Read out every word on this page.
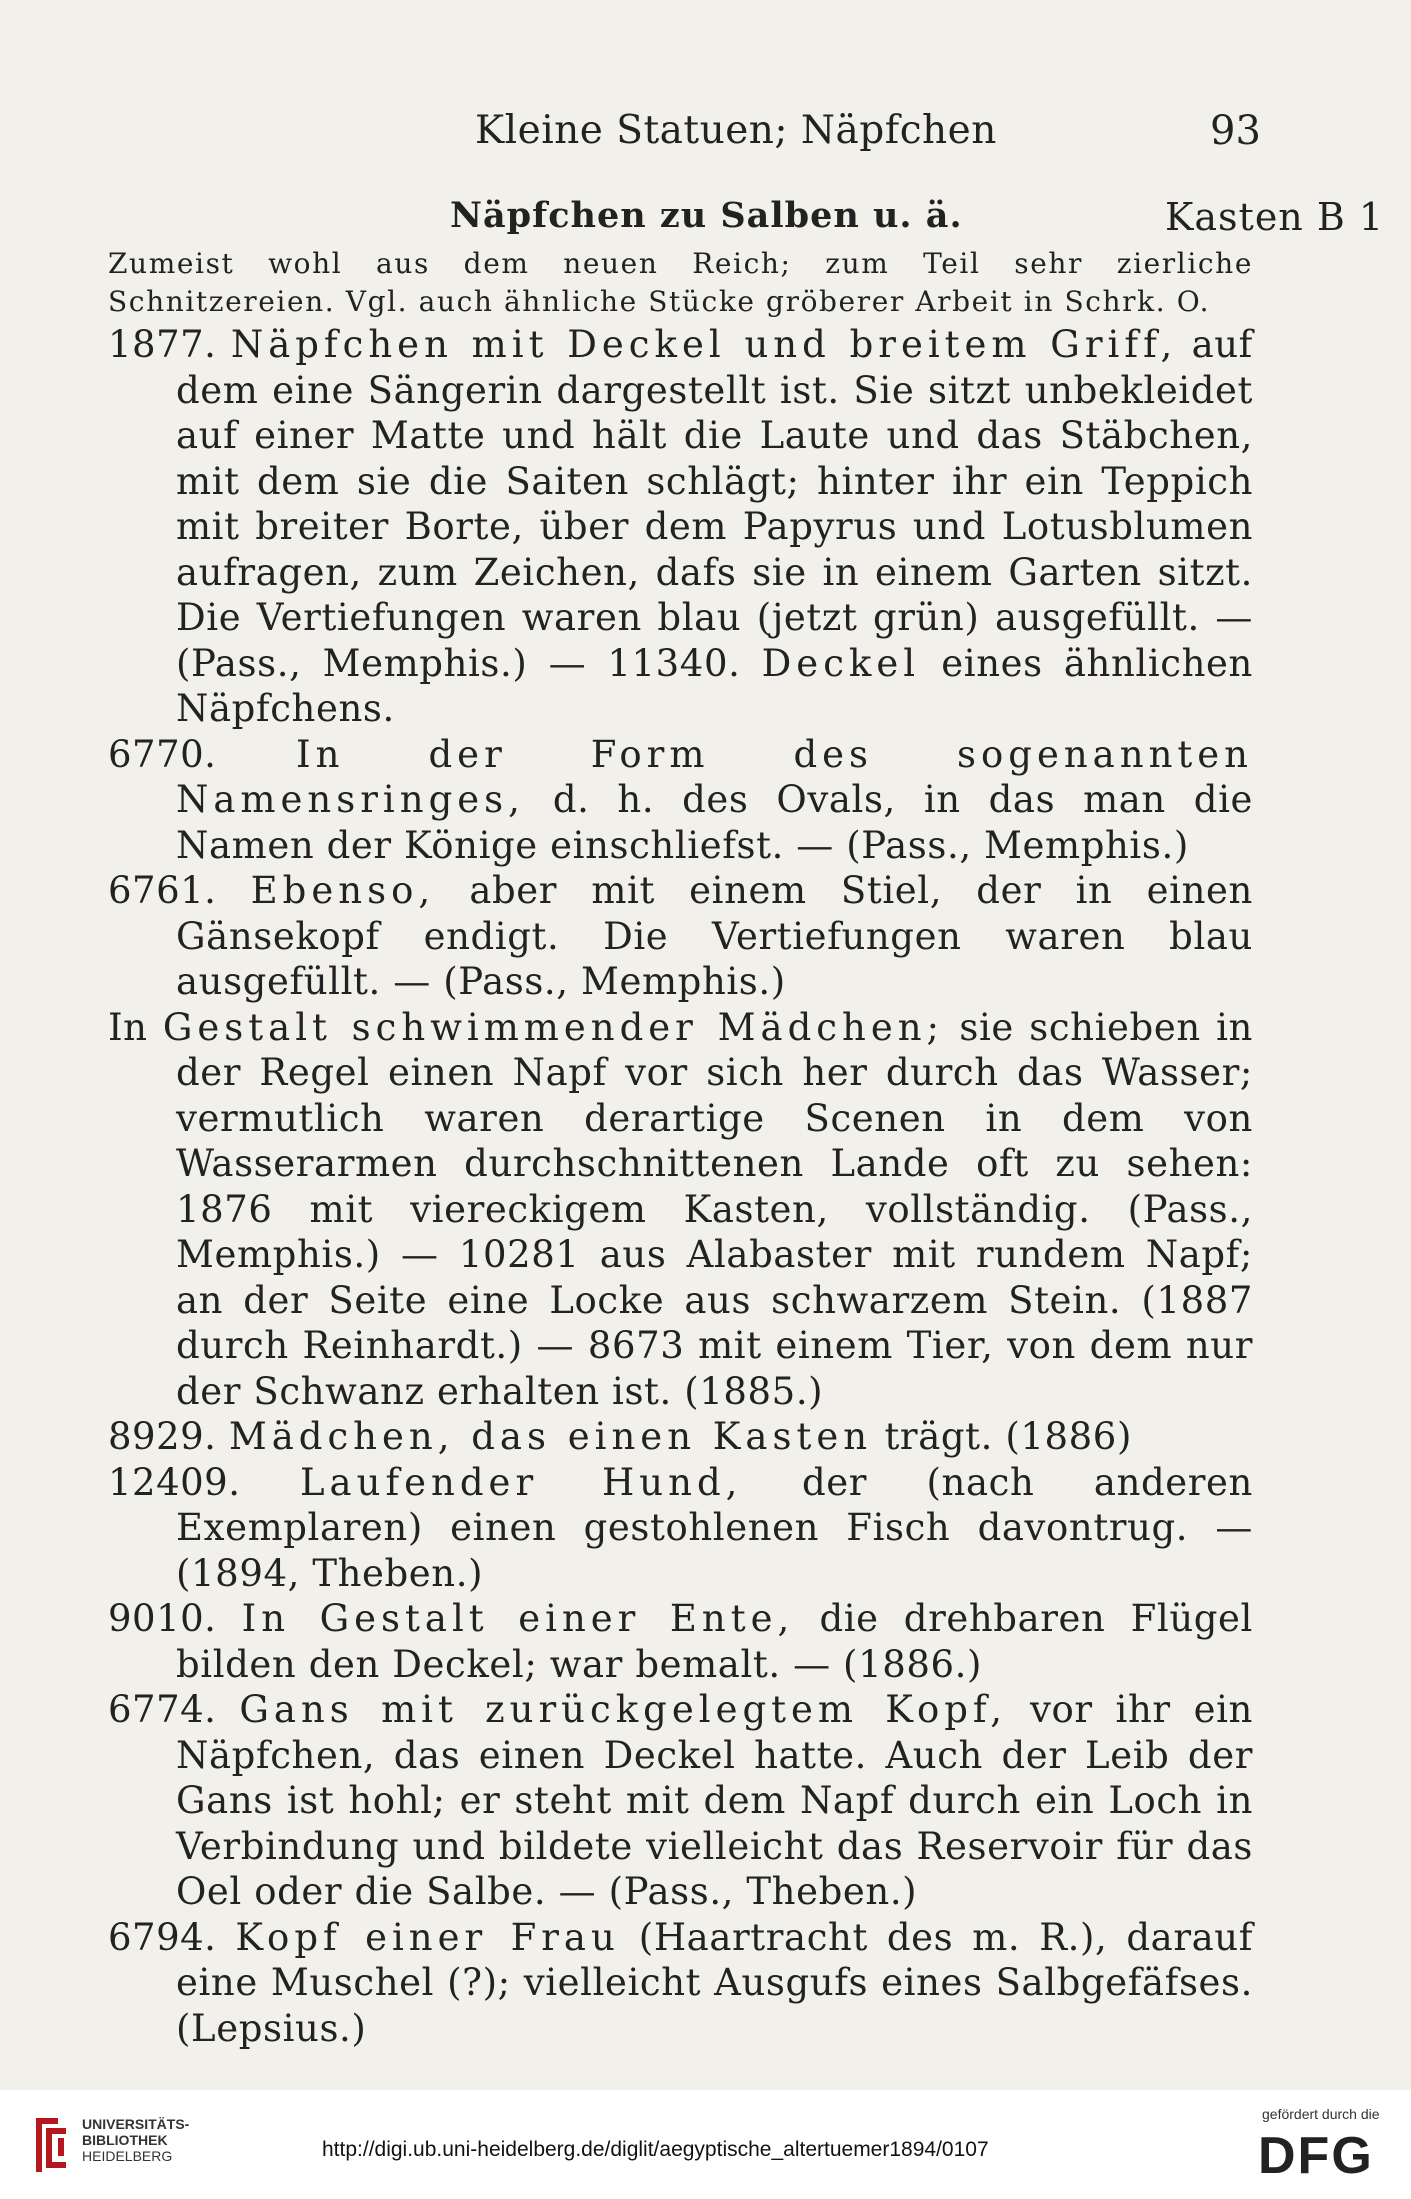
Kleine Statuen; Näpfchen	93
Näpfchen zu Salben u. ä.	Kasten B 1
Zumeist wohl aus dem neuen Reich; zum Teil sehr zierliche Schnitzereien. Vgl. auch ähnliche Stücke gröberer Arbeit in Schrk. O.
1877. Näpfchen mit Deckel und breitem Griff, auf dem eine Sängerin dargestellt ist. Sie sitzt unbekleidet auf einer Matte und hält die Laute und das Stäbchen, mit dem sie die Saiten schlägt; hinter ihr ein Teppich mit breiter Borte, über dem Papyrus und Lotusblumen aufragen, zum Zeichen, dafs sie in einem Garten sitzt. Die Vertiefungen waren blau (jetzt grün) ausgefüllt. — (Pass., Memphis.) — 11340. Deckel eines ähnlichen Näpfchens.
6770. In der Form des sogenannten Namensringes, d. h. des Ovals, in das man die Namen der Könige einschliefst. — (Pass., Memphis.)
6761. Ebenso, aber mit einem Stiel, der in einen Gänsekopf endigt. Die Vertiefungen waren blau ausgefüllt. — (Pass., Memphis.)
In Gestalt schwimmender Mädchen; sie schieben in der Regel einen Napf vor sich her durch das Wasser; vermutlich waren derartige Scenen in dem von Wasserarmen durchschnittenen Lande oft zu sehen: 1876 mit viereckigem Kasten, vollständig. (Pass., Memphis.) — 10281 aus Alabaster mit rundem Napf; an der Seite eine Locke aus schwarzem Stein. (1887 durch Reinhardt.) — 8673 mit einem Tier, von dem nur der Schwanz erhalten ist. (1885.)
8929. Mädchen, das einen Kasten trägt. (1886)
12409. Laufender Hund, der (nach anderen Exemplaren) einen gestohlenen Fisch davontrug. — (1894, Theben.)
9010. In Gestalt einer Ente, die drehbaren Flügel bilden den Deckel; war bemalt. — (1886.)
6774. Gans mit zurückgelegtem Kopf, vor ihr ein Näpfchen, das einen Deckel hatte. Auch der Leib der Gans ist hohl; er steht mit dem Napf durch ein Loch in Verbindung und bildete vielleicht das Reservoir für das Oel oder die Salbe. — (Pass., Theben.)
6794. Kopf einer Frau (Haartracht des m. R.), darauf eine Muschel (?); vielleicht Ausgufs eines Salbgefäfses. (Lepsius.)
UNIVERSITÄTS-
BIBLIOTHEK
HEIDELBERG	http://digi.ub.uni-heidelberg.de/diglit/aegyptische_altertuemer1894/0107
gefördert durch die
DFG
